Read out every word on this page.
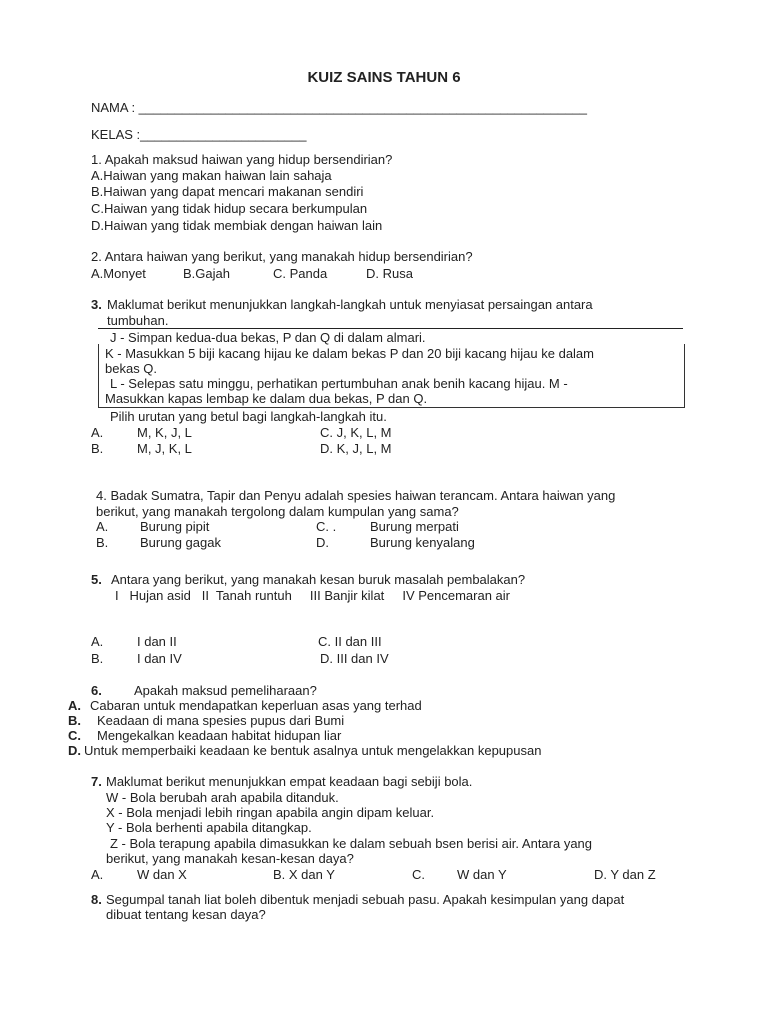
KUIZ SAINS TAHUN 6
NAMA : ______________________________________________________________
KELAS :_______________________
1. Apakah maksud haiwan yang hidup bersendirian?
A.Haiwan yang makan haiwan lain sahaja
B.Haiwan yang dapat mencari makanan sendiri
C.Haiwan yang tidak hidup secara berkumpulan
D.Haiwan yang tidak membiak dengan haiwan lain
2. Antara haiwan yang berikut, yang manakah hidup bersendirian?
A.Monyet	B.Gajah	C. Panda	D. Rusa
3. Maklumat berikut menunjukkan langkah-langkah untuk menyiasat persaingan antara
tumbuhan.
J - Simpan kedua-dua bekas, P dan Q di dalam almari.
K - Masukkan 5 biji kacang hijau ke dalam bekas P dan 20 biji kacang hijau ke dalam
bekas Q.
L - Selepas satu minggu, perhatikan pertumbuhan anak benih kacang hijau. M -
Masukkan kapas lembap ke dalam dua bekas, P dan Q.
Pilih urutan yang betul bagi langkah-langkah itu.
A.	M, K, J, L	C. J, K, L, M
B.	M, J, K, L	D. K, J, L, M
4. Badak Sumatra, Tapir dan Penyu adalah spesies haiwan terancam. Antara haiwan yang
berikut, yang manakah tergolong dalam kumpulan yang sama?
A. Burung pipit	C. .	Burung merpati
B. Burung gagak	D.	Burung kenyalang
5. Antara yang berikut, yang manakah kesan buruk masalah pembalakan?
I   Hujan asid   II  Tanah runtuh     III Banjir kilat     IV Pencemaran air
A.	I dan II	C. II dan III
B.	I dan IV	D. III dan IV
6. Apakah maksud pemeliharaan?
A. Cabaran untuk mendapatkan keperluan asas yang terhad
B. Keadaan di mana spesies pupus dari Bumi
C. Mengekalkan keadaan habitat hidupan liar
D. Untuk memperbaiki keadaan ke bentuk asalnya untuk mengelakkan kepupusan
7. Maklumat berikut menunjukkan empat keadaan bagi sebiji bola.
W - Bola berubah arah apabila ditanduk.
X - Bola menjadi lebih ringan apabila angin dipam keluar.
Y - Bola berhenti apabila ditangkap.
Z - Bola terapung apabila dimasukkan ke dalam sebuah bsen berisi air. Antara yang
berikut, yang manakah kesan-kesan daya?
A.	W dan X	B. X dan Y	C. W dan Y	D. Y dan Z
8. Segumpal tanah liat boleh dibentuk menjadi sebuah pasu. Apakah kesimpulan yang dapat
dibuat tentang kesan daya?
